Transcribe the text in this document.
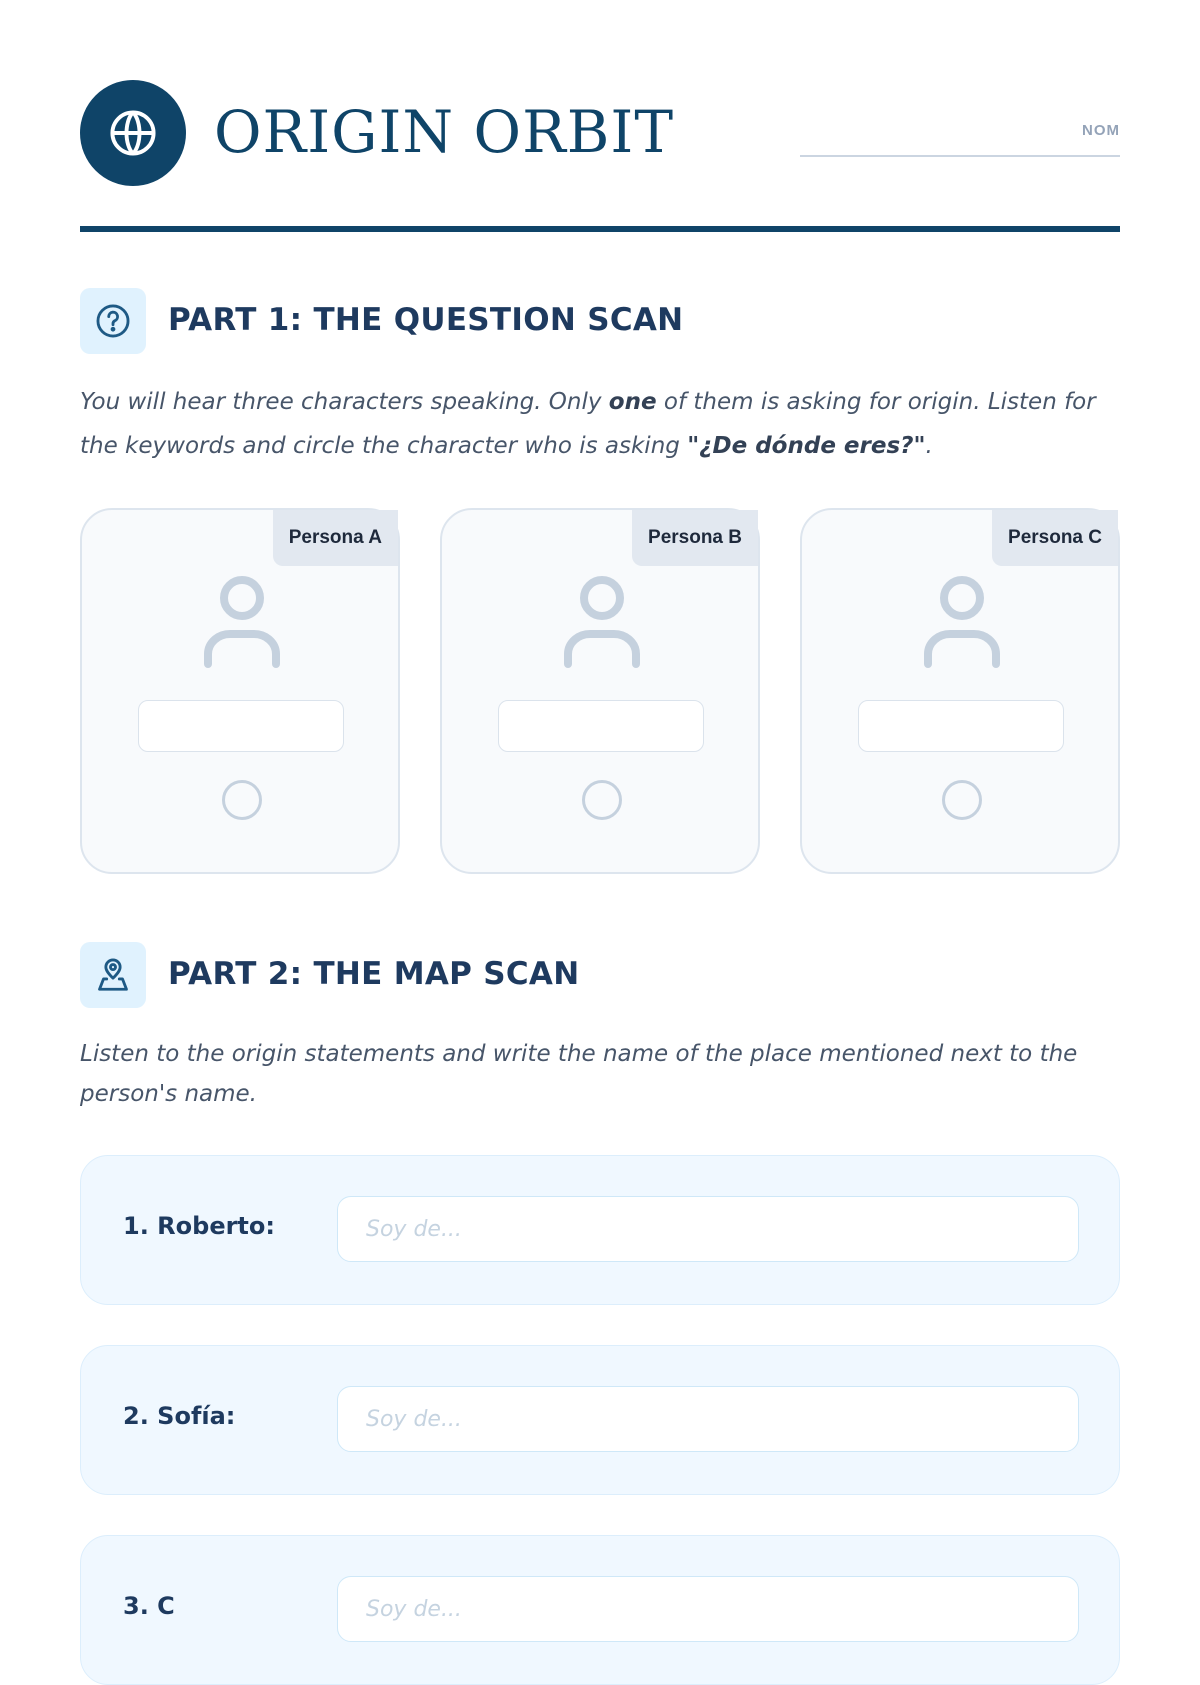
ORIGIN ORBIT	NOM
PART 1: THE QUESTION SCAN

You will hear three characters speaking. Only one of them is asking for origin. Listen for the keywords and circle the character who is asking "¿De dónde eres?".

Persona A	Persona B	Persona C
PART 2: THE MAP SCAN

Listen to the origin statements and write the name of the place mentioned next to the person's name.

1. Roberto:
Soy de...
2. Sofía:
Soy de...
3. C
Soy de...
